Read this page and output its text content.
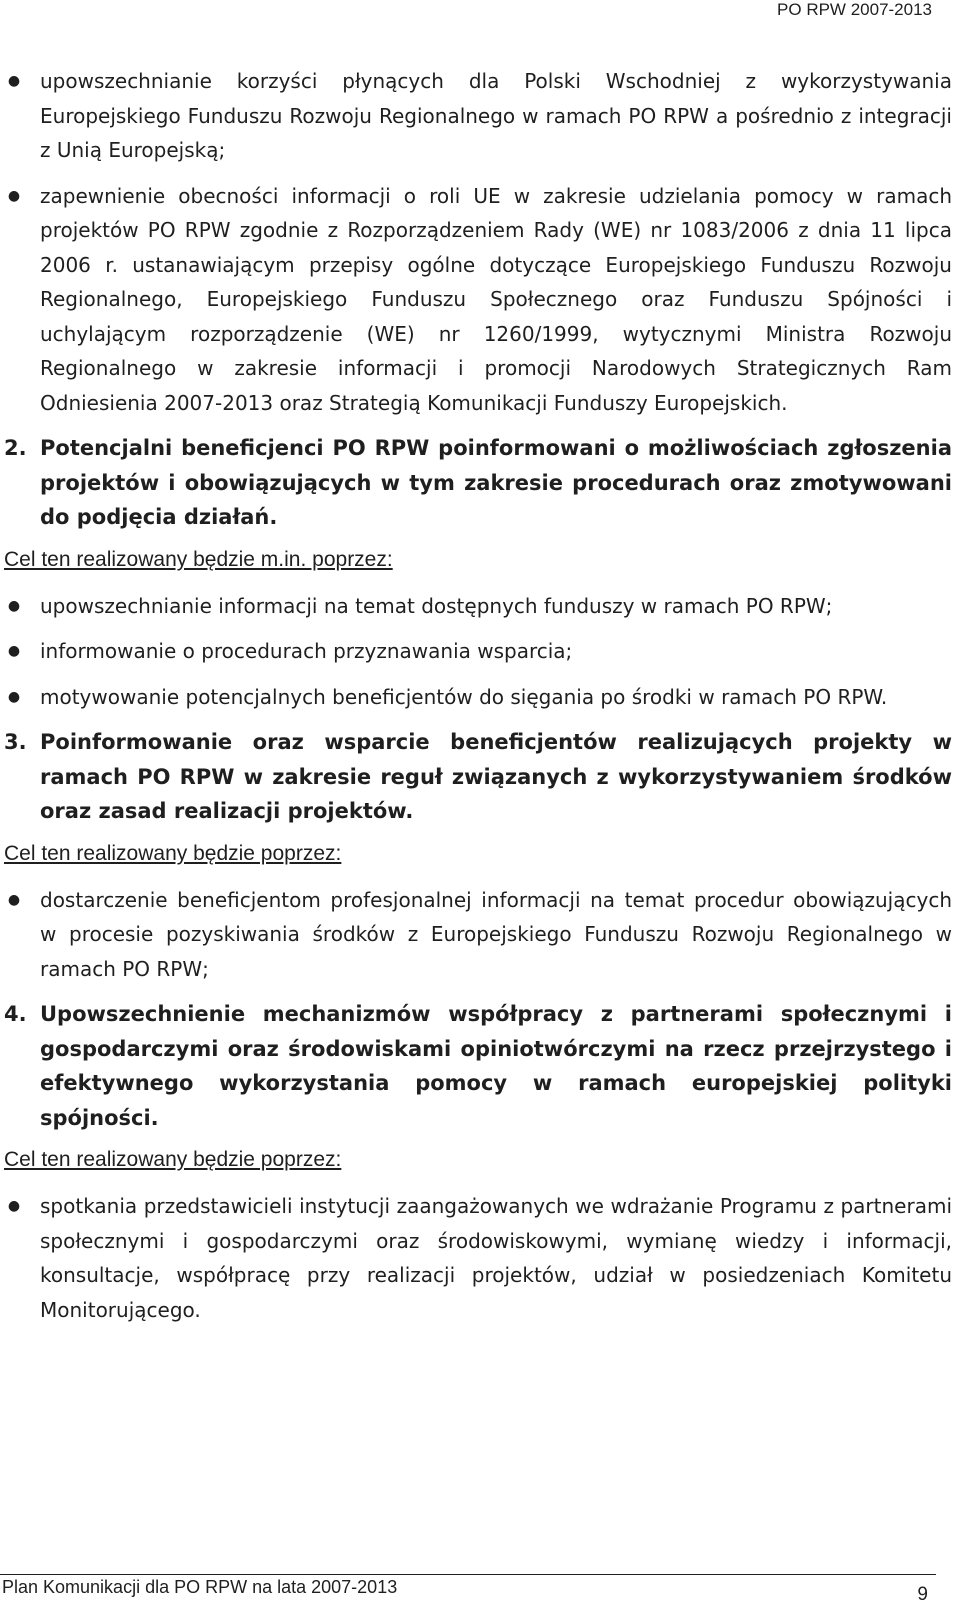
PO RPW 2007-2013
● upowszechnianie korzyści płynących dla Polski Wschodniej z wykorzystywania Europejskiego Funduszu Rozwoju Regionalnego w ramach PO RPW a pośrednio z integracji z Unią Europejską;
● zapewnienie obecności informacji o roli UE w zakresie udzielania pomocy w ramach projektów PO RPW zgodnie z Rozporządzeniem Rady (WE) nr 1083/2006 z dnia 11 lipca 2006 r. ustanawiającym przepisy ogólne dotyczące Europejskiego Funduszu Rozwoju Regionalnego, Europejskiego Funduszu Społecznego oraz Funduszu Spójności i uchylającym rozporządzenie (WE) nr 1260/1999, wytycznymi Ministra Rozwoju Regionalnego w zakresie informacji i promocji Narodowych Strategicznych Ram Odniesienia 2007-2013 oraz Strategią Komunikacji Funduszy Europejskich.
2. Potencjalni beneficjenci PO RPW poinformowani o możliwościach zgłoszenia projektów i obowiązujących w tym zakresie procedurach oraz zmotywowani do podjęcia działań.
Cel ten realizowany będzie m.in. poprzez:
● upowszechnianie informacji na temat dostępnych funduszy w ramach PO RPW;
● informowanie o procedurach przyznawania wsparcia;
● motywowanie potencjalnych beneficjentów do sięgania po środki w ramach PO RPW.
3. Poinformowanie oraz wsparcie beneficjentów realizujących projekty w ramach PO RPW w zakresie reguł związanych z wykorzystywaniem środków oraz zasad realizacji projektów.
Cel ten realizowany będzie poprzez:
● dostarczenie beneficjentom profesjonalnej informacji na temat procedur obowiązujących w procesie pozyskiwania środków z Europejskiego Funduszu Rozwoju Regionalnego w ramach PO RPW;
4. Upowszechnienie mechanizmów współpracy z partnerami społecznymi i gospodarczymi oraz środowiskami opiniotwórczymi na rzecz przejrzystego i efektywnego wykorzystania pomocy w ramach europejskiej polityki spójności.
Cel ten realizowany będzie poprzez:
● spotkania przedstawicieli instytucji zaangażowanych we wdrażanie Programu z partnerami społecznymi i gospodarczymi oraz środowiskowymi, wymianę wiedzy i informacji, konsultacje, współpracę przy realizacji projektów, udział w posiedzeniach Komitetu Monitorującego.
Plan Komunikacji dla PO RPW na lata 2007-2013	9
